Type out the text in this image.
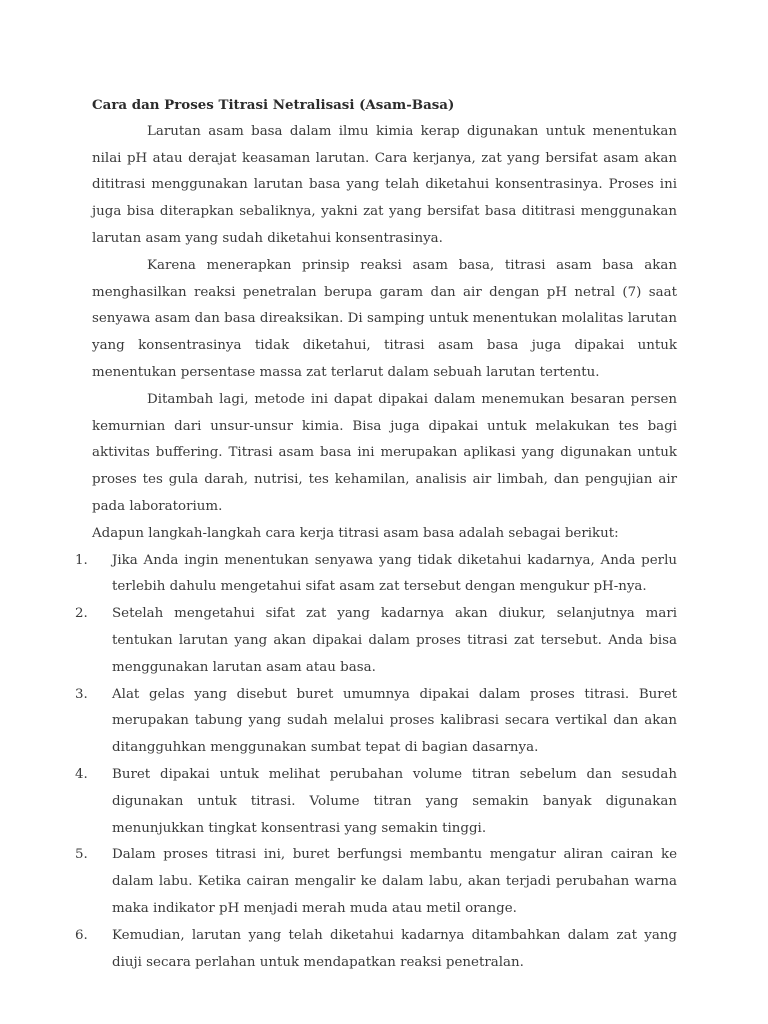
Cara dan Proses Titrasi Netralisasi (Asam-Basa)

Larutan asam basa dalam ilmu kimia kerap digunakan untuk menentukan nilai pH atau derajat keasaman larutan. Cara kerjanya, zat yang bersifat asam akan dititrasi menggunakan larutan basa yang telah diketahui konsentrasinya. Proses ini juga bisa diterapkan sebaliknya, yakni zat yang bersifat basa dititrasi menggunakan larutan asam yang sudah diketahui konsentrasinya.

Karena menerapkan prinsip reaksi asam basa, titrasi asam basa akan menghasilkan reaksi penetralan berupa garam dan air dengan pH netral (7) saat senyawa asam dan basa direaksikan. Di samping untuk menentukan molalitas larutan yang konsentrasinya tidak diketahui, titrasi asam basa juga dipakai untuk menentukan persentase massa zat terlarut dalam sebuah larutan tertentu.

Ditambah lagi, metode ini dapat dipakai dalam menemukan besaran persen kemurnian dari unsur-unsur kimia. Bisa juga dipakai untuk melakukan tes bagi aktivitas buffering. Titrasi asam basa ini merupakan aplikasi yang digunakan untuk proses tes gula darah, nutrisi, tes kehamilan, analisis air limbah, dan pengujian air pada laboratorium.

Adapun langkah-langkah cara kerja titrasi asam basa adalah sebagai berikut:

1. Jika Anda ingin menentukan senyawa yang tidak diketahui kadarnya, Anda perlu terlebih dahulu mengetahui sifat asam zat tersebut dengan mengukur pH-nya.
2. Setelah mengetahui sifat zat yang kadarnya akan diukur, selanjutnya mari tentukan larutan yang akan dipakai dalam proses titrasi zat tersebut. Anda bisa menggunakan larutan asam atau basa.
3. Alat gelas yang disebut buret umumnya dipakai dalam proses titrasi. Buret merupakan tabung yang sudah melalui proses kalibrasi secara vertikal dan akan ditangguhkan menggunakan sumbat tepat di bagian dasarnya.
4. Buret dipakai untuk melihat perubahan volume titran sebelum dan sesudah digunakan untuk titrasi. Volume titran yang semakin banyak digunakan menunjukkan tingkat konsentrasi yang semakin tinggi.
5. Dalam proses titrasi ini, buret berfungsi membantu mengatur aliran cairan ke dalam labu. Ketika cairan mengalir ke dalam labu, akan terjadi perubahan warna maka indikator pH menjadi merah muda atau metil orange.
6. Kemudian, larutan yang telah diketahui kadarnya ditambahkan dalam zat yang diuji secara perlahan untuk mendapatkan reaksi penetralan.
